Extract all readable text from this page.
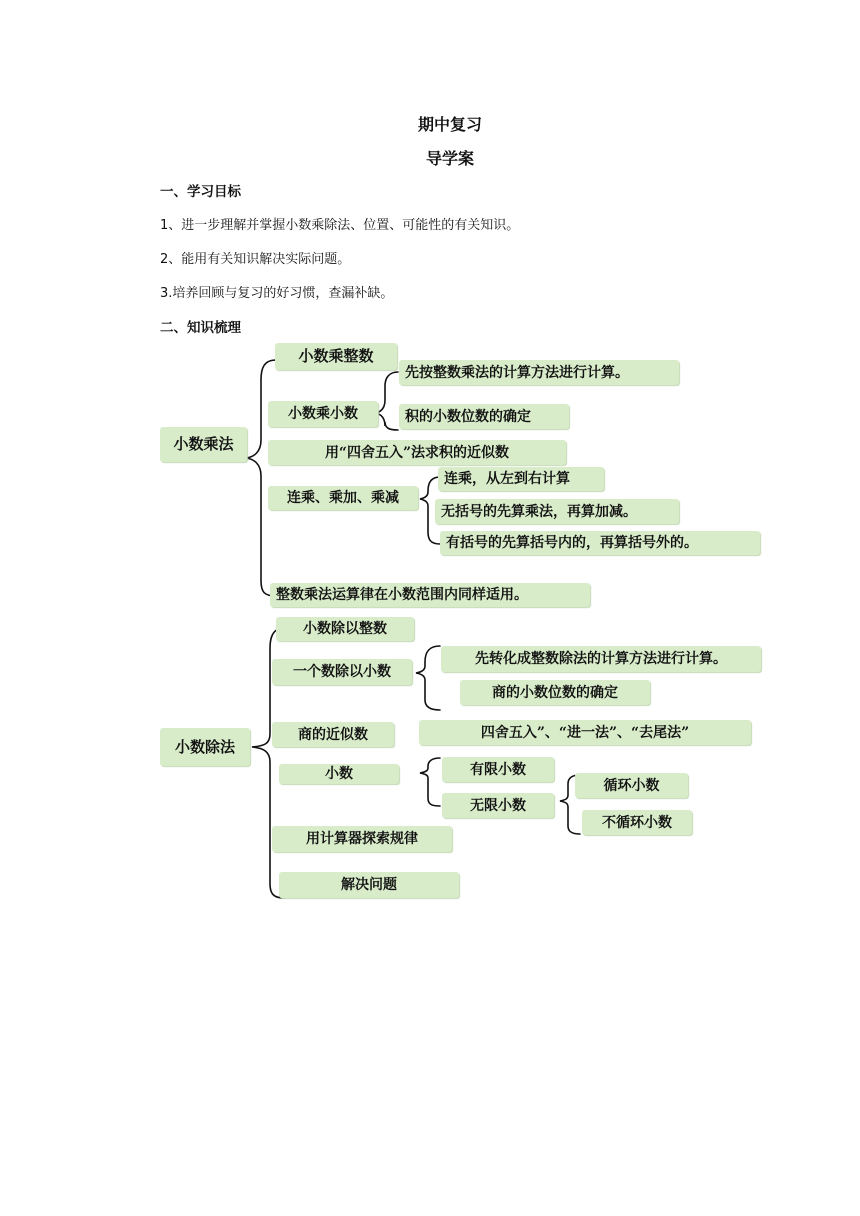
期中复习
导学案
一、学习目标
1、进一步理解并掌握小数乘除法、位置、可能性的有关知识。
2、能用有关知识解决实际问题。
3.培养回顾与复习的好习惯，查漏补缺。
二、知识梳理
小数乘法
小数乘整数
小数乘小数
先按整数乘法的计算方法进行计算。
积的小数位数的确定
用“四舍五入”法求积的近似数
连乘、乘加、乘减
连乘，从左到右计算
无括号的先算乘法，再算加减。
有括号的先算括号内的，再算括号外的。
整数乘法运算律在小数范围内同样适用。
小数除法
小数除以整数
一个数除以小数
先转化成整数除法的计算方法进行计算。
商的小数位数的确定
商的近似数	四舍五入”、“进一法”、“去尾法”
小数	有限小数
无限小数
循环小数
不循环小数
用计算器探索规律
解决问题
